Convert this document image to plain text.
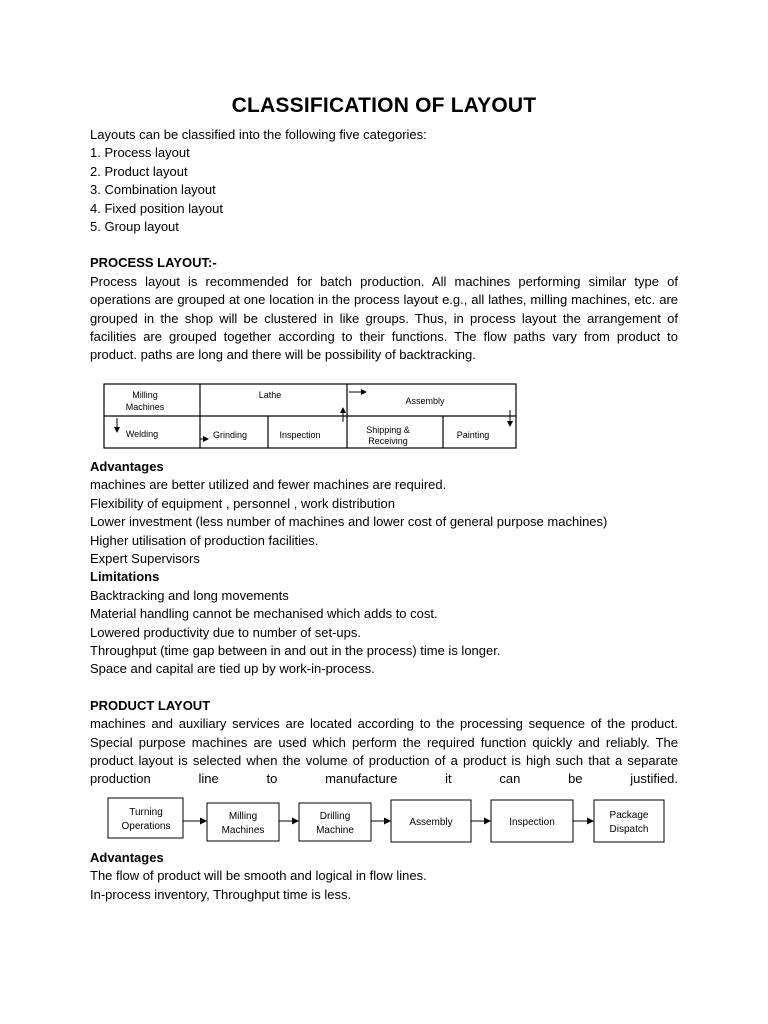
CLASSIFICATION OF LAYOUT
Layouts can be classified into the following five categories:
1. Process layout
2. Product layout
3. Combination layout
4. Fixed position layout
5. Group layout
PROCESS LAYOUT:-
Process layout is recommended for batch production. All machines performing similar type of operations are grouped at one location in the process layout e.g., all lathes, milling machines, etc. are grouped in the shop will be clustered in like groups. Thus, in process layout the arrangement of facilities are grouped together according to their functions. The flow paths vary from product to product. paths are long and there will be possibility of backtracking.
Milling
Machines
Lathe
Assembly
Welding	Grinding	Inspection	Shipping &
Receiving
Painting
Advantages
machines are better utilized and fewer machines are required.
Flexibility of equipment , personnel , work distribution
Lower investment (less number of machines and lower cost of general purpose machines)
Higher utilisation of production facilities.
Expert Supervisors
Limitations
Backtracking and long movements
Material handling cannot be mechanised which adds to cost.
Lowered productivity due to number of set-ups.
Throughput (time gap between in and out in the process) time is longer.
Space and capital are tied up by work-in-process.
PRODUCT LAYOUT
machines and auxiliary services are located according to the processing sequence of the product. Special purpose machines are used which perform the required function quickly and reliably. The product layout is selected when the volume of production of a product is high such that a separate production line to manufacture it can be justified.
Turning
Operations
Milling
Machines
Drilling
Machine
Assembly	Inspection
Package
Dispatch
Advantages
The flow of product will be smooth and logical in flow lines.
In-process inventory, Throughput time is less.
